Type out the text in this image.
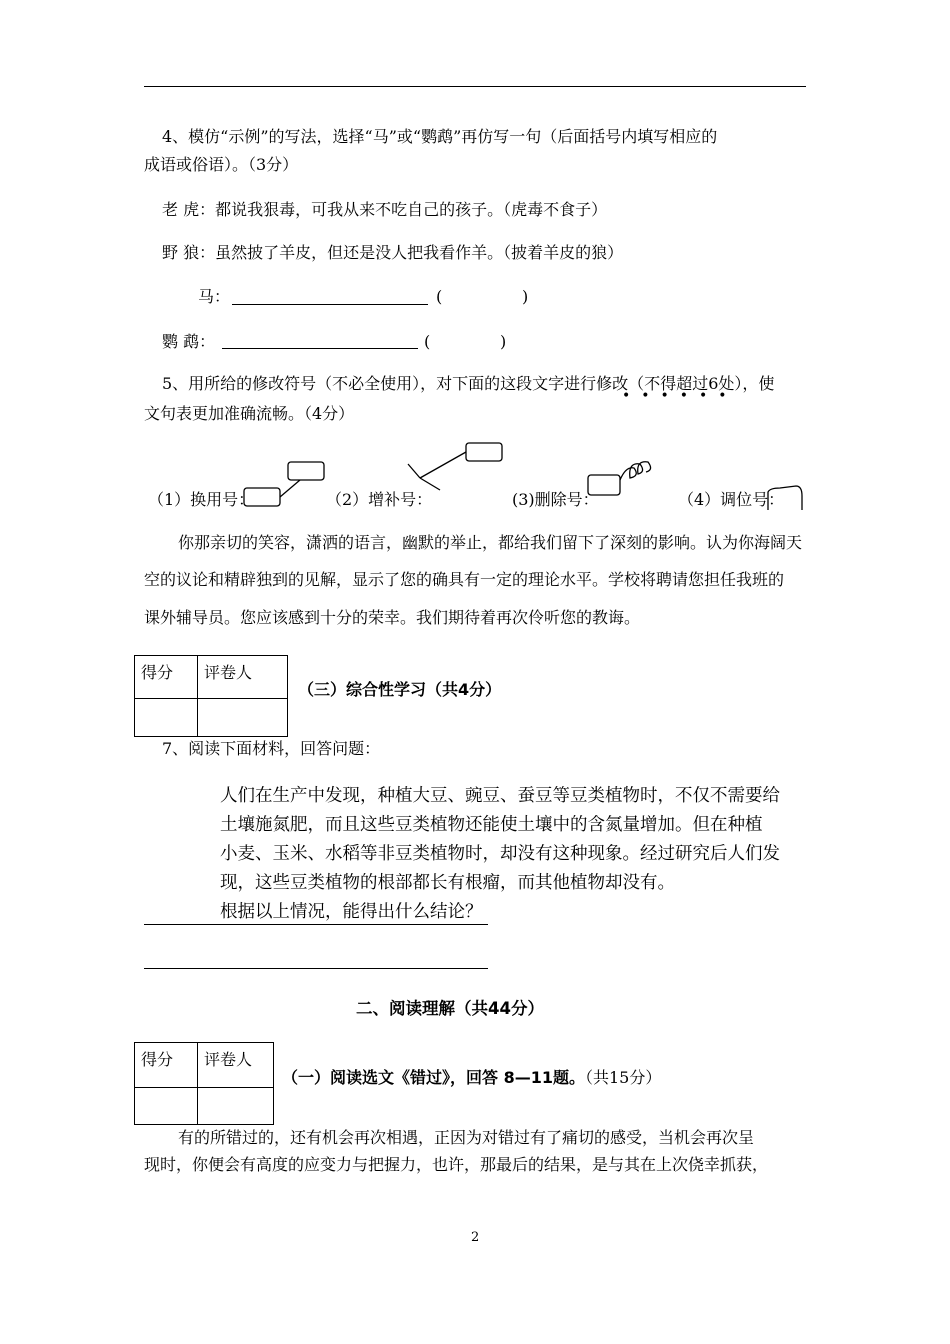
4、模仿“示例”的写法，选择“马”或“鹦鹉”再仿写一句（后面括号内填写相应的
成语或俗语）。（3分）
老 虎：都说我狠毒，可我从来不吃自己的孩子。（虎毒不食子）
野 狼：虽然披了羊皮，但还是没人把我看作羊。（披着羊皮的狼）
马：	(	)
鹦 鹉：	(	)
5、用所给的修改符号（不必全使用），对下面的这段文字进行修改（不得超过6处），使
••••••
文句表更加准确流畅。（4分）
（1）换用号：	（2）增补号：	(3)删除号：	（4）调位号：
你那亲切的笑容，潇洒的语言，幽默的举止，都给我们留下了深刻的影响。认为你海阔天
空的议论和精辟独到的见解，显示了您的确具有一定的理论水平。学校将聘请您担任我班的
课外辅导员。您应该感到十分的荣幸。我们期待着再次伶听您的教诲。
得分	评卷人

（三）综合性学习（共4分）
7、阅读下面材料，回答问题：
人们在生产中发现，种植大豆、豌豆、蚕豆等豆类植物时，不仅不需要给
土壤施氮肥，而且这些豆类植物还能使土壤中的含氮量增加。但在种植
小麦、玉米、水稻等非豆类植物时，却没有这种现象。经过研究后人们发
现，这些豆类植物的根部都长有根瘤，而其他植物却没有。
根据以上情况，能得出什么结论？
二、阅读理解（共44分）
得分	评卷人

（一）阅读选文《错过》，回答 8—11题。（共15分）
有的所错过的，还有机会再次相遇，正因为对错过有了痛切的感受，当机会再次呈
现时，你便会有高度的应变力与把握力，也许，那最后的结果，是与其在上次侥幸抓获，
2
